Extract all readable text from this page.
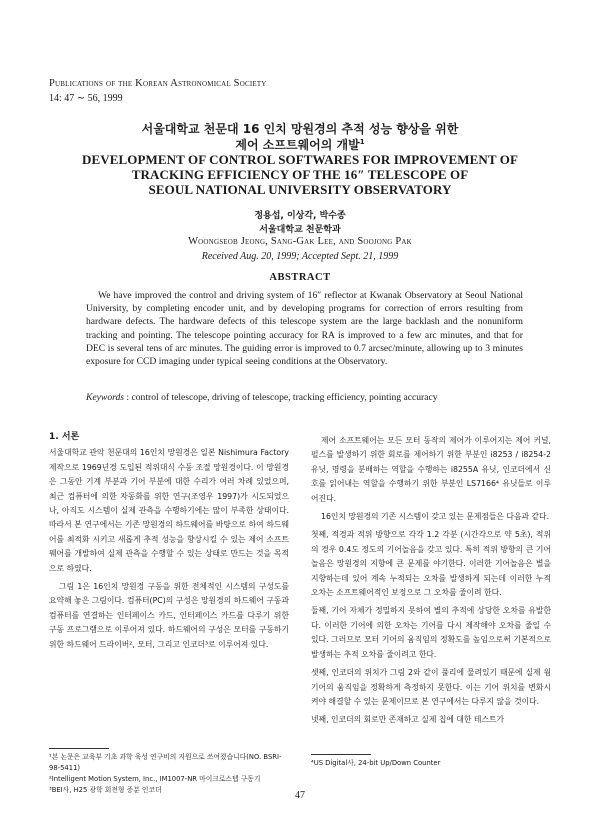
Publications of the Korean Astronomical Society
14: 47 ∼ 56, 1999
서울대학교 천문대 16 인치 망원경의 추적 성능 향상을 위한
제어 소프트웨어의 개발$^1$
DEVELOPMENT OF CONTROL SOFTWARES FOR IMPROVEMENT OF
TRACKING EFFICIENCY OF THE 16″ TELESCOPE OF
SEOUL NATIONAL UNIVERSITY OBSERVATORY
정용섭, 이상각, 박수종
서울대학교 천문학과
Woongseob Jeong, Sang-Gak Lee, and Soojong Pak
Received Aug. 20, 1999; Accepted Sept. 21, 1999
ABSTRACT
We have improved the control and driving system of 16″ reflector at Kwanak Observatory at Seoul National University, by completing encoder unit, and by developing programs for correction of errors resulting from hardware defects. The hardware defects of this telescope system are the large backlash and the nonuniform tracking and pointing. The telescope pointing accuracy for RA is improved to a few arc minutes, and that for DEC is several tens of arc minutes. The guiding error is improved to 0.7 arcsec/minute, allowing up to 3 minutes exposure for CCD imaging under typical seeing conditions at the Observatory.
Keywords : control of telescope, driving of telescope, tracking efficiency, pointing accuracy
1. 서론

서울대학교 관악 천문대의 16인치 망원경은 일본 Nishimura Factory 제작으로 1969년경 도입된 적위대식 수동 조절 망원경이다. 이 망원경은 그동안 기계 부분과 기어 부분에 대한 수리가 여러 차례 있었으며, 최근 컴퓨터에 의한 자동화를 위한 연구(조영우 1997)가 시도되었으나, 아직도 시스템이 실제 관측을 수행하기에는 많이 부족한 상태이다. 따라서 본 연구에서는 기존 망원경의 하드웨어를 바탕으로 하여 하드웨어를 최적화 시키고 새롭게 추적 성능을 향상시킬 수 있는 제어 소프트웨어를 개발하여 실제 관측을 수행할 수 있는 상태로 만드는 것을 목적으로 하였다.

그림 1은 16인치 망원경 구동을 위한 전체적인 시스템의 구성도를 요약해 놓은 그림이다. 컴퓨터(PC)의 구성은 망원경의 하드웨어 구동과 컴퓨터를 연결하는 인터페이스 카드, 인터페이스 카드를 다루기 위한 구동 프로그램으로 이루어져 있다. 하드웨어의 구성은 모터를 구동하기 위한 하드웨어 드라이버², 모터, 그리고 인코더³로 이루어져 있다.

제어 소프트웨어는 모든 모터 동작의 제어가 이루어지는 제어 커널, 펄스를 발생하기 위한 회로를 제어하기 위한 부분인 i8253 / i8254-2 유닛, 명령을 분배하는 역할을 수행하는 i8255A 유닛, 인코더에서 신호를 읽어내는 역할을 수행하기 위한 부분인 LS7166⁴ 유닛들로 이루어진다.

16인치 망원경의 기존 시스템이 갖고 있는 문제점들은 다음과 같다.

첫째, 적경과 적위 방향으로 각각 1.2 각분 (시간각으로 약 5초), 적위의 경우 0.4도 정도의 기어놀음을 갖고 있다. 특히 적위 방향의 큰 기어놀음은 망원경의 지향에 큰 문제를 야기한다. 이러한 기어놀음은 별을 지향하는데 있어 계속 누적되는 오차를 발생하게 되는데 이러한 누적 오차는 소프트웨어적인 보정으로 그 오차를 줄이려 한다.

둘째, 기어 자체가 정밀하지 못하여 별의 추적에 상당한 오차를 유발한다. 이러한 기어에 의한 오차는 기어를 다시 제작해야 오차를 줄일 수 있다. 그러므로 모터 기어의 움직임의 정확도를 높임으로써 기본적으로 발생하는 추적 오차를 줄이려고 한다.

셋째, 인코더의 위치가 그림 2와 같이 풀리에 물려있기 때문에 실제 웜 기어의 움직임을 정확하게 측정하지 못한다. 이는 기어 위치를 변화시켜야 해결할 수 있는 문제이므로 본 연구에서는 다루지 않을 것이다.

넷째, 인코더의 회로만 존재하고 실제 칩에 대한 테스트가

¹본 논문은 교육부 기초 과학 육성 연구비의 지원으로 쓰여졌습니다(NO. BSRI-98-5411)

²Intelligent Motion System, Inc., IM1007-NR 마이크로스텝 구동기

³BEI사, H25 광학 회전형 증분 인코더

⁴US Digital사, 24-bit Up/Down Counter

47
